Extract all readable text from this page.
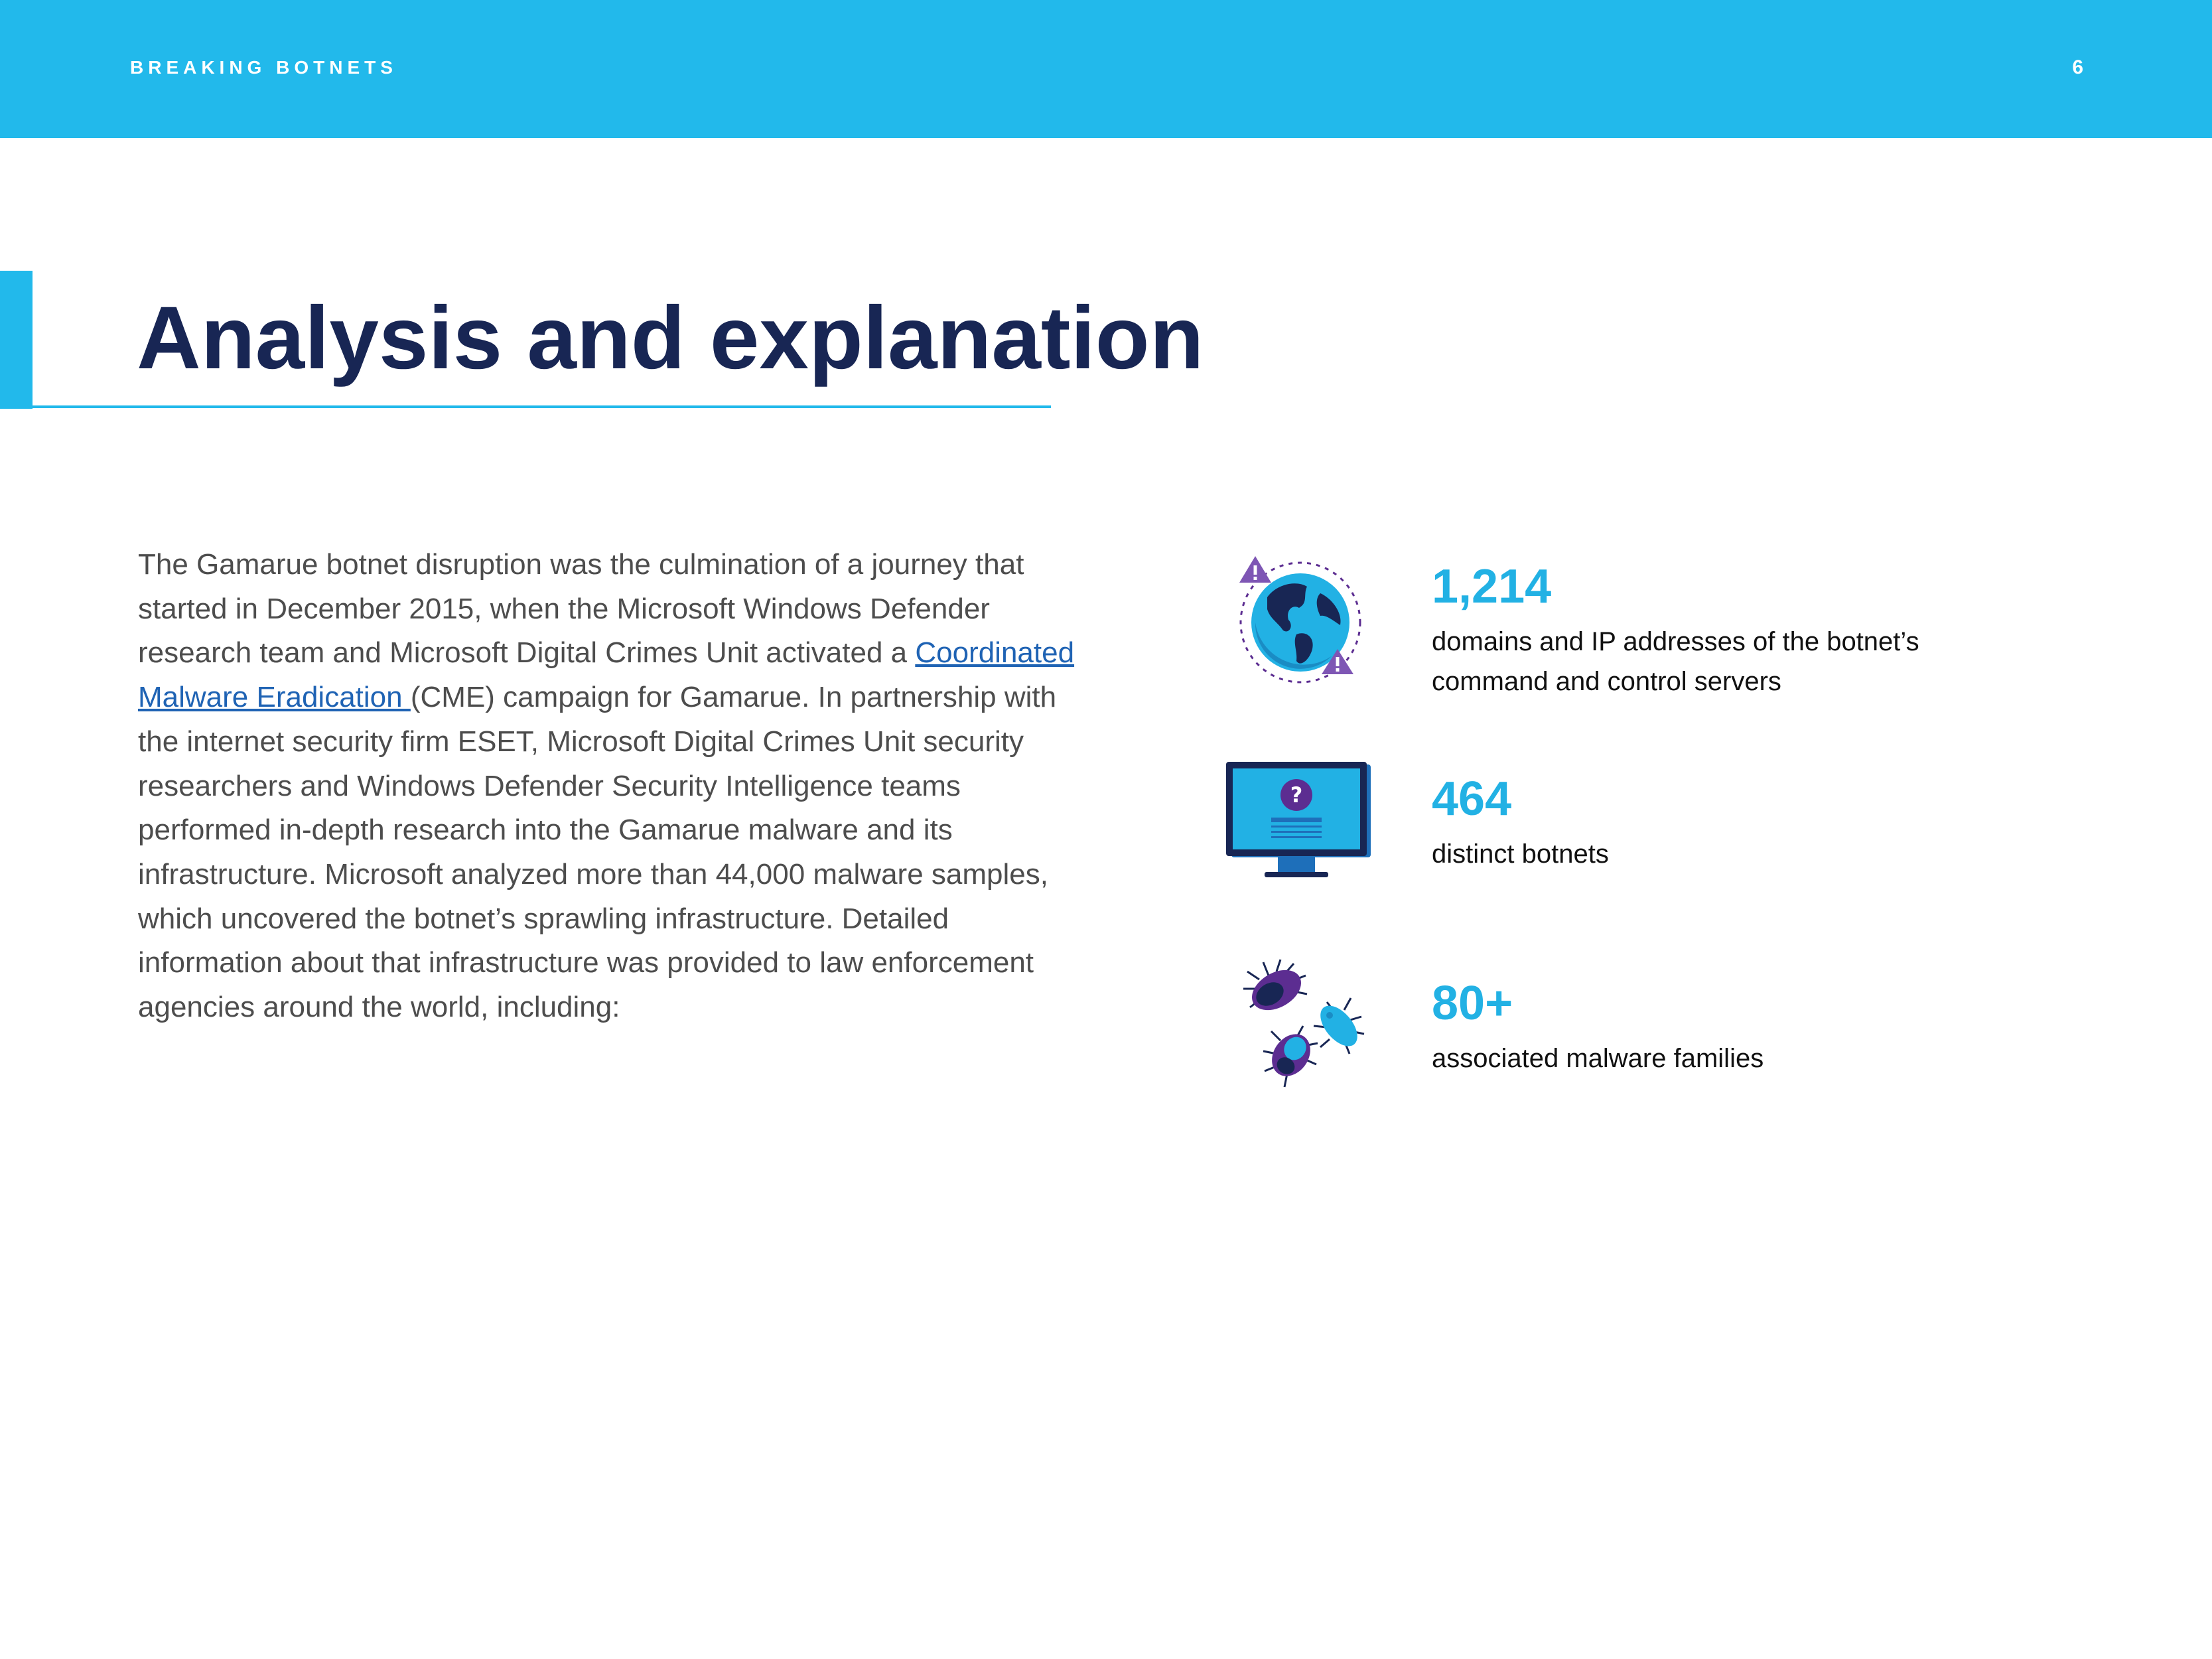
BREAKING BOTNETS	6
Analysis and explanation

The Gamarue botnet disruption was the culmination of a journey that started in December 2015, when the Microsoft Windows Defender research team and Microsoft Digital Crimes Unit activated a Coordinated Malware Eradication (CME) campaign for Gamarue. In partnership with the internet security firm ESET, Microsoft Digital Crimes Unit security researchers and Windows Defender Security Intelligence teams performed in-depth research into the Gamarue malware and its infrastructure. Microsoft analyzed more than 44,000 malware samples, which uncovered the botnet’s sprawling infrastructure. Detailed information about that infrastructure was provided to law enforcement agencies around the world, including:

1,214
domains and IP addresses of the botnet’s command and control servers
?	464
distinct botnets
80+
associated malware families
